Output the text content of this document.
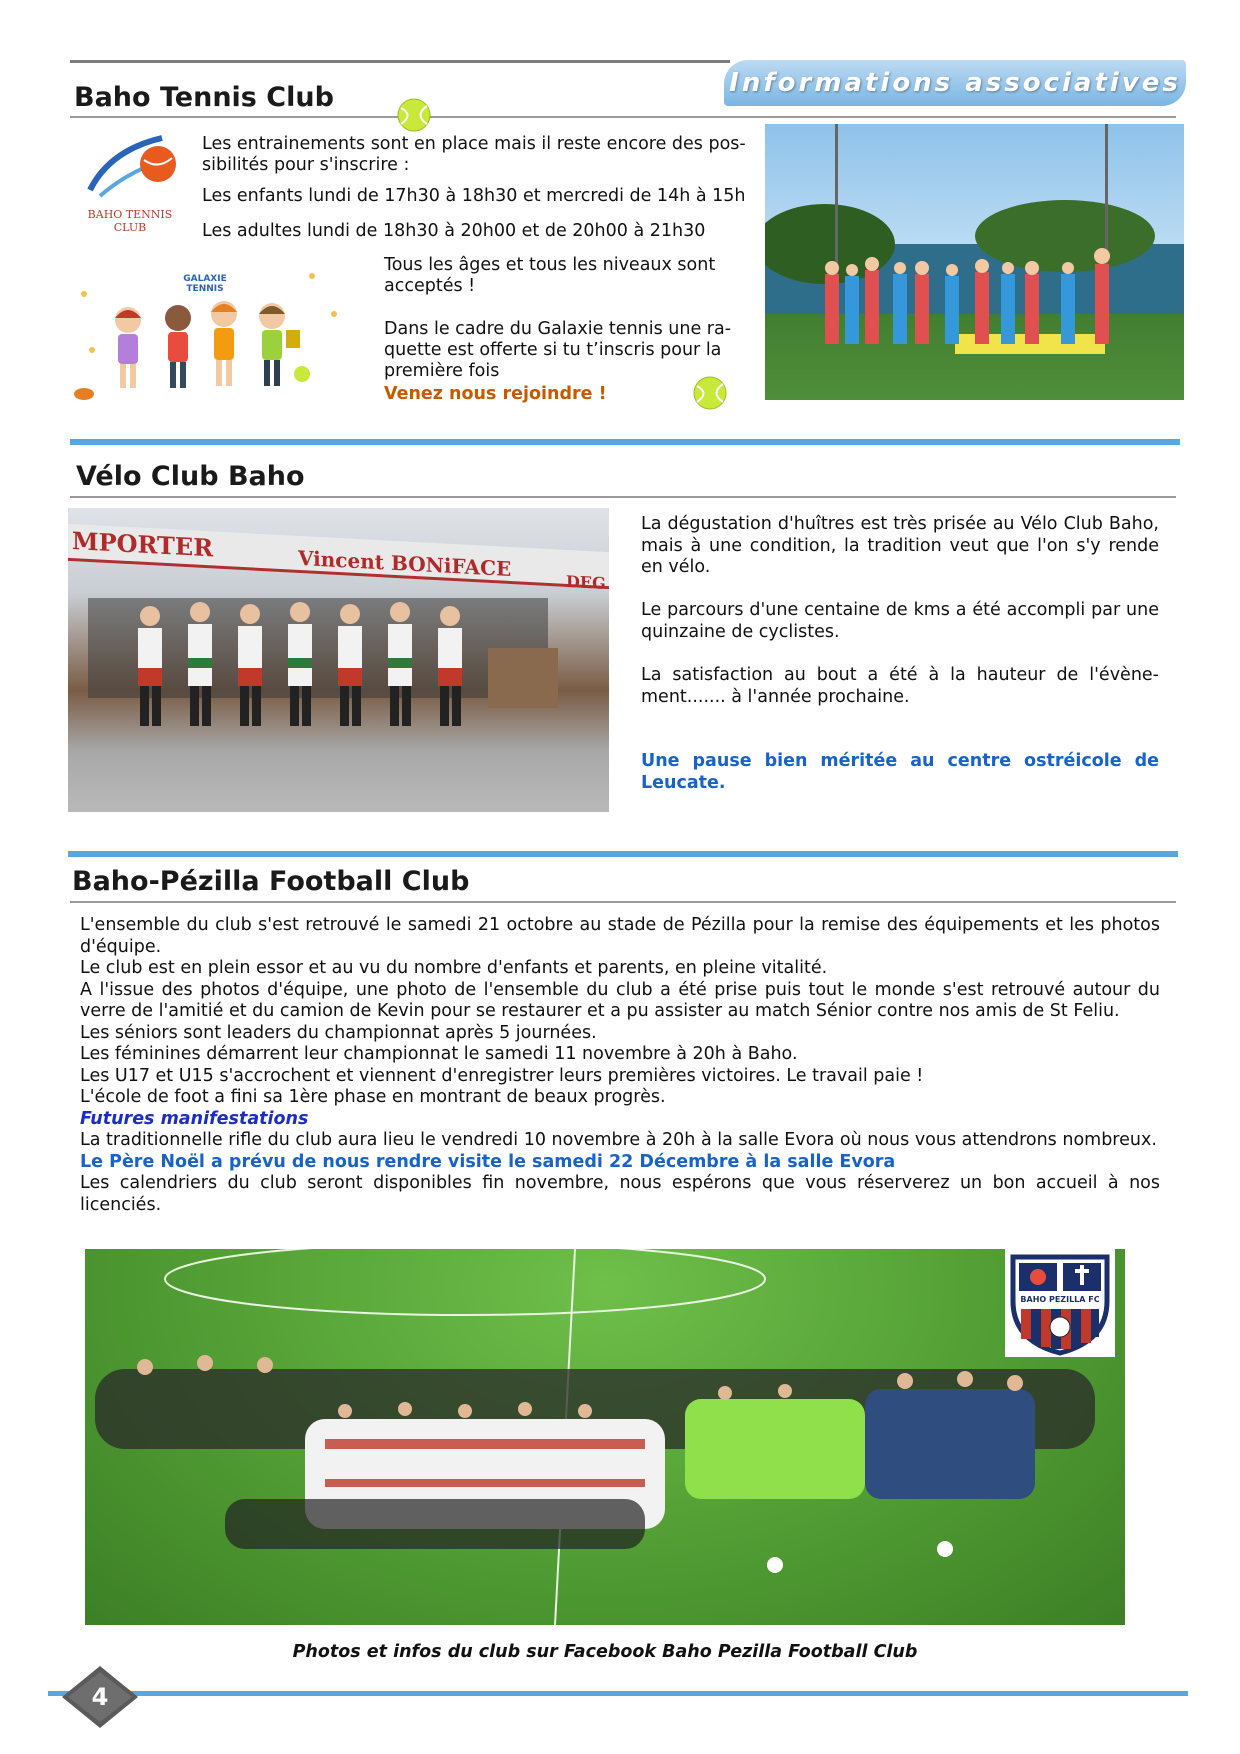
Informations associatives
Baho Tennis Club
BAHO TENNIS CLUB
Les entrainements sont en place mais il reste encore des pos-
sibilités pour s'inscrire :
Les enfants lundi de 17h30 à 18h30 et mercredi de 14h à 15h
Les adultes lundi de 18h30 à 20h00 et de 20h00 à 21h30
GALAXIE TENNIS
Tous les âges et tous les niveaux sont
acceptés !
Dans le cadre du Galaxie tennis une ra-
quette est offerte si tu t’inscris pour la
première fois
Venez nous rejoindre !
Vélo Club Baho
MPORTER
Vincent BONiFACE
DEG
La dégustation d'huîtres est très prisée au Vélo Club Baho, mais à une condition, la tradition veut que l'on s'y rende en vélo.
Le parcours d'une centaine de kms a été accompli par une quinzaine de cyclistes.
La satisfaction au bout a été à la hauteur de l'évène-ment....... à l'année prochaine.
Une pause bien méritée au centre ostréicole de Leucate.
Baho-Pézilla Football Club
L'ensemble du club s'est retrouvé le samedi 21 octobre au stade de Pézilla pour la remise des équipements et les photos d'équipe.
Le club est en plein essor et au vu du nombre d'enfants et parents, en pleine vitalité.
A l'issue des photos d'équipe, une photo de l'ensemble du club a été prise puis tout le monde s'est retrouvé autour du verre de l'amitié et du camion de Kevin pour se restaurer et a pu assister au match Sénior contre nos amis de St Feliu.
Les séniors sont leaders du championnat après 5 journées.
Les féminines démarrent leur championnat le samedi 11 novembre à 20h à Baho.
Les U17 et U15 s'accrochent et viennent d'enregistrer leurs premières victoires. Le travail paie !
L'école de foot a fini sa 1ère phase en montrant de beaux progrès.
Futures manifestations
La traditionnelle rifle du club aura lieu le vendredi 10 novembre à 20h à la salle Evora où nous vous attendrons nombreux.
Le Père Noël a prévu de nous rendre visite le samedi 22 Décembre à la salle Evora
Les calendriers du club seront disponibles fin novembre, nous espérons que vous réserverez un bon accueil à nos licenciés.
BAHO PEZILLA FC
Photos et infos du club sur Facebook Baho Pezilla Football Club
4
